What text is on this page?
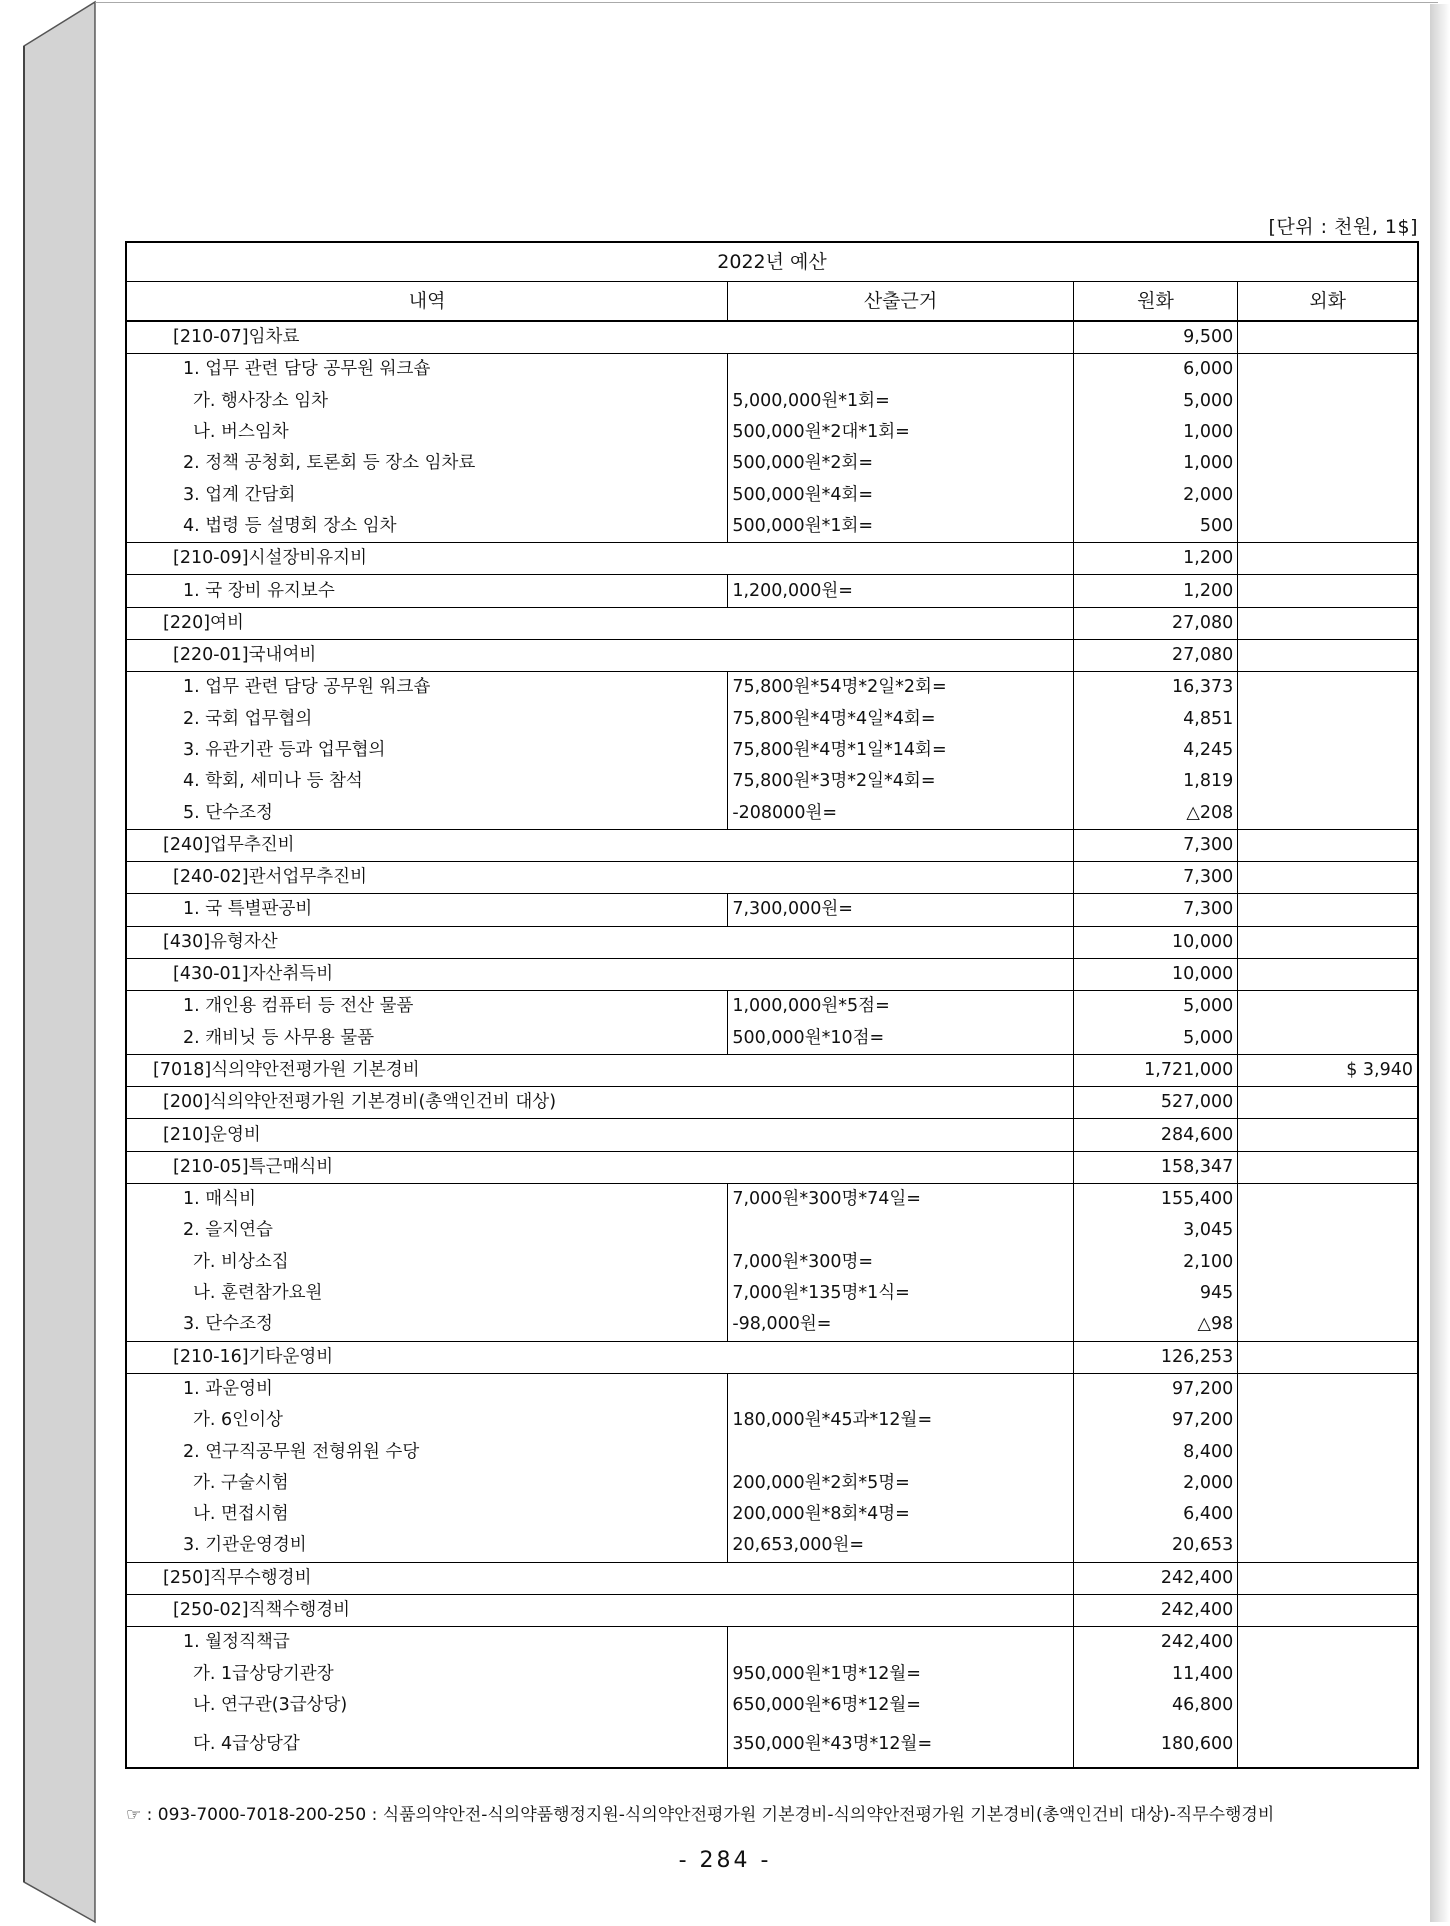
[단위 : 천원, 1$]
2022년 예산			
내역	산출근거	원화	외화
[210-07]임차료		9,500	
1. 업무 관련 담당 공무원 워크숍		6,000	
가. 행사장소 임차	5,000,000원*1회=	5,000	
나. 버스임차	500,000원*2대*1회=	1,000	
2. 정책 공청회, 토론회 등 장소 임차료	500,000원*2회=	1,000	
3. 업계 간담회	500,000원*4회=	2,000	
4. 법령 등 설명회 장소 임차	500,000원*1회=	500	
[210-09]시설장비유지비		1,200	
1. 국 장비 유지보수	1,200,000원=	1,200	
[220]여비		27,080	
[220-01]국내여비		27,080	
1. 업무 관련 담당 공무원 워크숍	75,800원*54명*2일*2회=	16,373	
2. 국회 업무협의	75,800원*4명*4일*4회=	4,851	
3. 유관기관 등과 업무협의	75,800원*4명*1일*14회=	4,245	
4. 학회, 세미나 등 참석	75,800원*3명*2일*4회=	1,819	
5. 단수조정	-208000원=	△208	
[240]업무추진비		7,300	
[240-02]관서업무추진비		7,300	
1. 국 특별판공비	7,300,000원=	7,300	
[430]유형자산		10,000	
[430-01]자산취득비		10,000	
1. 개인용 컴퓨터 등 전산 물품	1,000,000원*5점=	5,000	
2. 캐비닛 등 사무용 물품	500,000원*10점=	5,000	
[7018]식의약안전평가원 기본경비		1,721,000	$ 3,940
[200]식의약안전평가원 기본경비(총액인건비 대상)		527,000	
[210]운영비		284,600	
[210-05]특근매식비		158,347	
1. 매식비	7,000원*300명*74일=	155,400	
2. 을지연습		3,045	
가. 비상소집	7,000원*300명=	2,100	
나. 훈련참가요원	7,000원*135명*1식=	945	
3. 단수조정	-98,000원=	△98	
[210-16]기타운영비		126,253	
1. 과운영비		97,200	
가. 6인이상	180,000원*45과*12월=	97,200	
2. 연구직공무원 전형위원 수당		8,400	
가. 구술시험	200,000원*2회*5명=	2,000	
나. 면접시험	200,000원*8회*4명=	6,400	
3. 기관운영경비	20,653,000원=	20,653	
[250]직무수행경비		242,400	
[250-02]직책수행경비		242,400	
1. 월정직책급		242,400	
가. 1급상당기관장	950,000원*1명*12월=	11,400	
나. 연구관(3급상당)	650,000원*6명*12월=	46,800	
다. 4급상당갑	350,000원*43명*12월=	180,600	
☞ : 093-7000-7018-200-250 : 식품의약안전-식의약품행정지원-식의약안전평가원 기본경비-식의약안전평가원 기본경비(총액인건비 대상)-직무수행경비
- 284 -
